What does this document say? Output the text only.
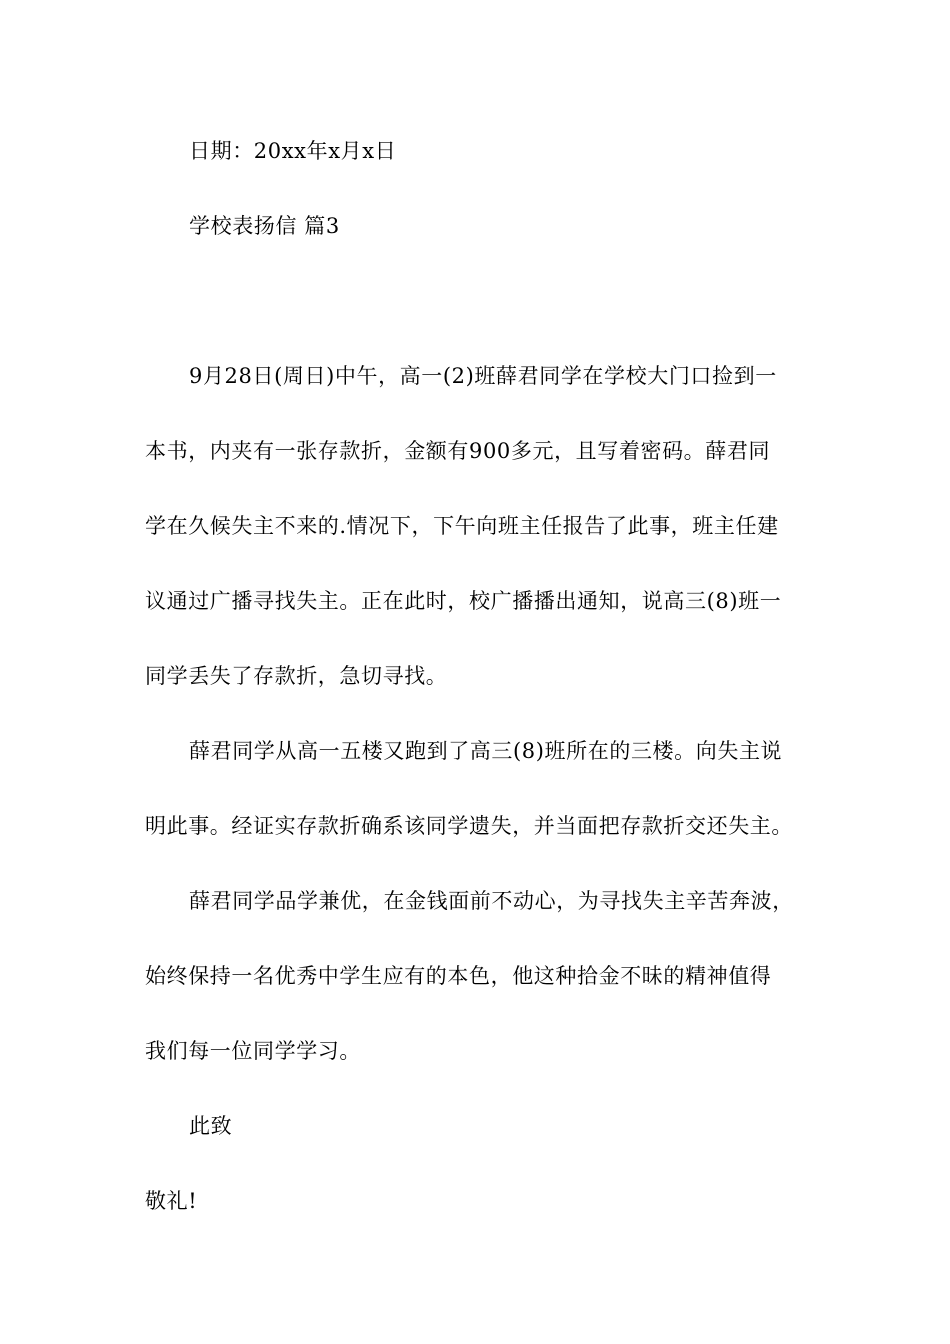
日期：20xx年x月x日
学校表扬信 篇3
9月28日(周日)中午，高一(2)班薛君同学在学校大门口捡到一
本书，内夹有一张存款折，金额有900多元，且写着密码。薛君同
学在久候失主不来的.情况下，下午向班主任报告了此事，班主任建
议通过广播寻找失主。正在此时，校广播播出通知，说高三(8)班一
同学丢失了存款折，急切寻找。
薛君同学从高一五楼又跑到了高三(8)班所在的三楼。向失主说
明此事。经证实存款折确系该同学遗失，并当面把存款折交还失主。
薛君同学品学兼优，在金钱面前不动心，为寻找失主辛苦奔波，
始终保持一名优秀中学生应有的本色，他这种拾金不昧的精神值得
我们每一位同学学习。
此致
敬礼!
